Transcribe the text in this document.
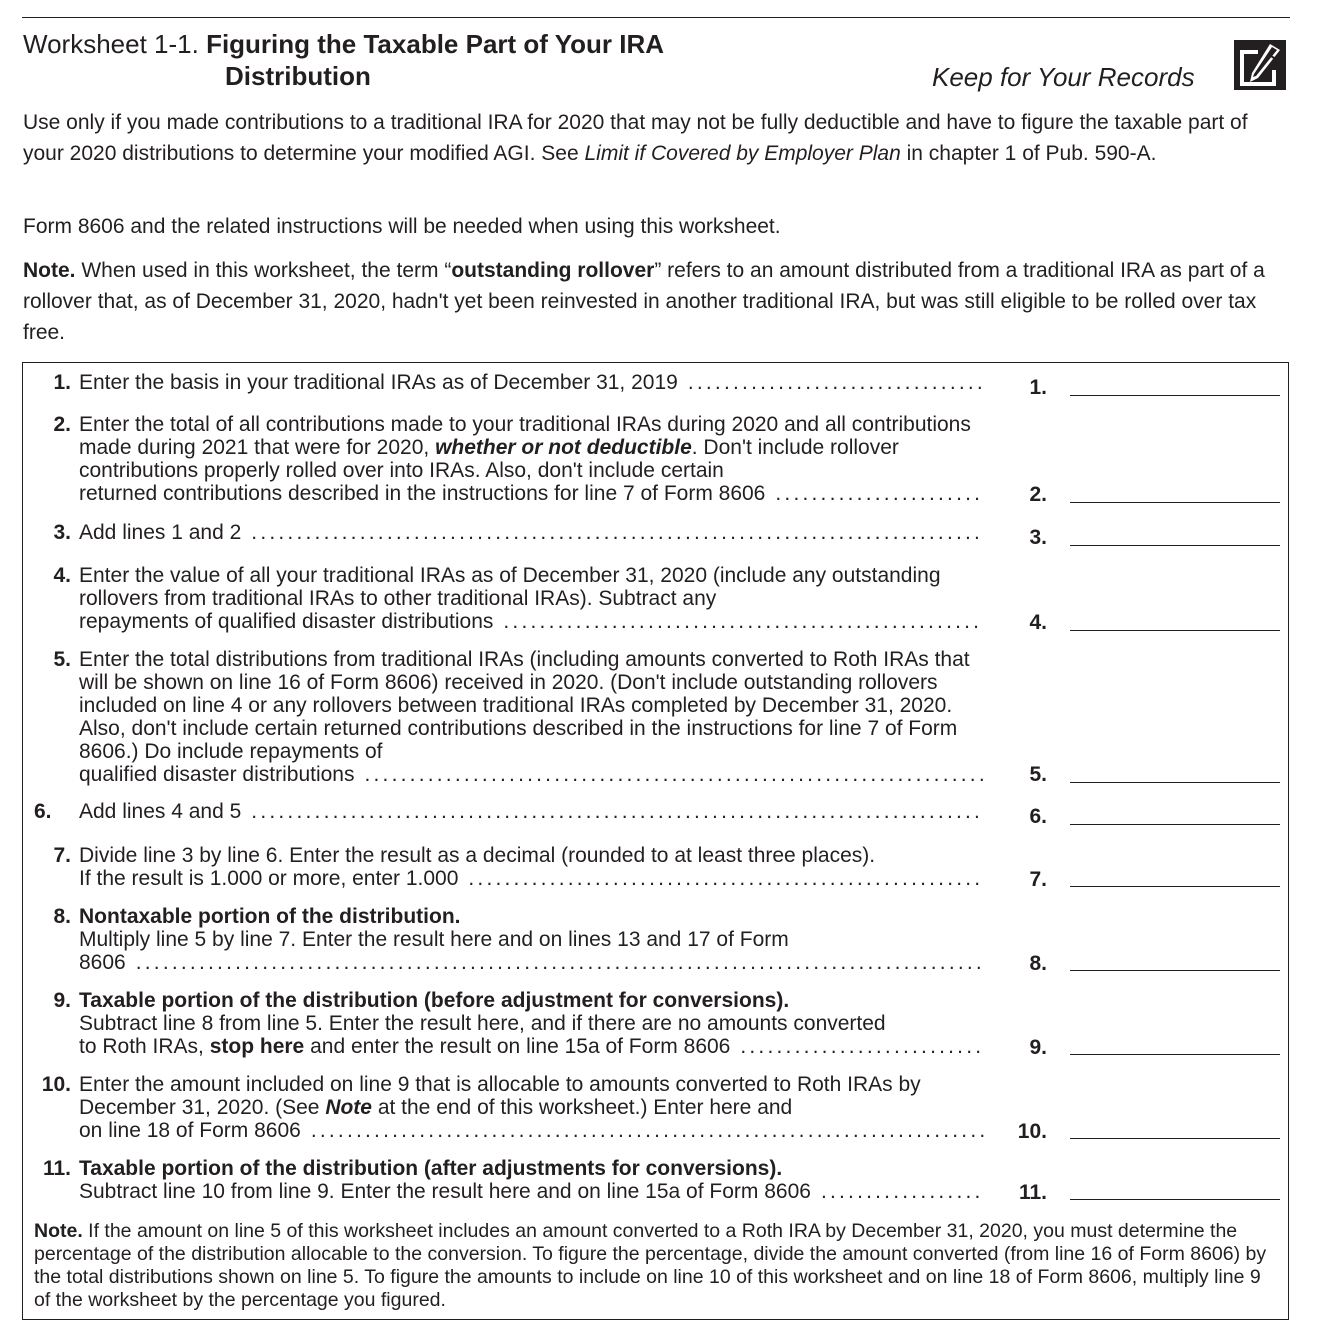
Worksheet 1-1. Figuring the Taxable Part of Your IRA
Distribution	Keep for Your Records
Use only if you made contributions to a traditional IRA for 2020 that may not be fully deductible and have to figure the taxable part of your 2020 distributions to determine your modified AGI. See Limit if Covered by Employer Plan in chapter 1 of Pub. 590-A.
Form 8606 and the related instructions will be needed when using this worksheet.
Note. When used in this worksheet, the term “outstanding rollover” refers to an amount distributed from a traditional IRA as part of a rollover that, as of December 31, 2020, hadn't yet been reinvested in another traditional IRA, but was still eligible to be rolled over tax free.
1. Enter the basis in your traditional IRAs as of December 31, 2019 .....	1.
2. Enter the total of all contributions made to your traditional IRAs during 2020 and all contributions made during 2021 that were for 2020, whether or not deductible. Don't include rollover contributions properly rolled over into IRAs. Also, don't include certain
returned contributions described in the instructions for line 7 of Form 8606 .....	2.
3. Add lines 1 and 2 .....	3.
4. Enter the value of all your traditional IRAs as of December 31, 2020 (include any outstanding rollovers from traditional IRAs to other traditional IRAs). Subtract any
repayments of qualified disaster distributions .....	4.
5. Enter the total distributions from traditional IRAs (including amounts converted to Roth IRAs that will be shown on line 16 of Form 8606) received in 2020. (Don't include outstanding rollovers included on line 4 or any rollovers between traditional IRAs completed by December 31, 2020. Also, don't include certain returned contributions described in the instructions for line 7 of Form 8606.) Do include repayments of
qualified disaster distributions .....	5.
6.	Add lines 4 and 5 .....	6.
7. Divide line 3 by line 6. Enter the result as a decimal (rounded to at least three places).
If the result is 1.000 or more, enter 1.000 .....	7.
8. Nontaxable portion of the distribution.
Multiply line 5 by line 7. Enter the result here and on lines 13 and 17 of Form
8606 .....	8.
9. Taxable portion of the distribution (before adjustment for conversions).
Subtract line 8 from line 5. Enter the result here, and if there are no amounts converted
to Roth IRAs, stop here and enter the result on line 15a of Form 8606 .....	9.
10. Enter the amount included on line 9 that is allocable to amounts converted to Roth IRAs by December 31, 2020. (See Note at the end of this worksheet.) Enter here and
on line 18 of Form 8606 .....	10.
11. Taxable portion of the distribution (after adjustments for conversions).
Subtract line 10 from line 9. Enter the result here and on line 15a of Form 8606 .....	11.
Note. If the amount on line 5 of this worksheet includes an amount converted to a Roth IRA by December 31, 2020, you must determine the percentage of the distribution allocable to the conversion. To figure the percentage, divide the amount converted (from line 16 of Form 8606) by the total distributions shown on line 5. To figure the amounts to include on line 10 of this worksheet and on line 18 of Form 8606, multiply line 9 of the worksheet by the percentage you figured.
